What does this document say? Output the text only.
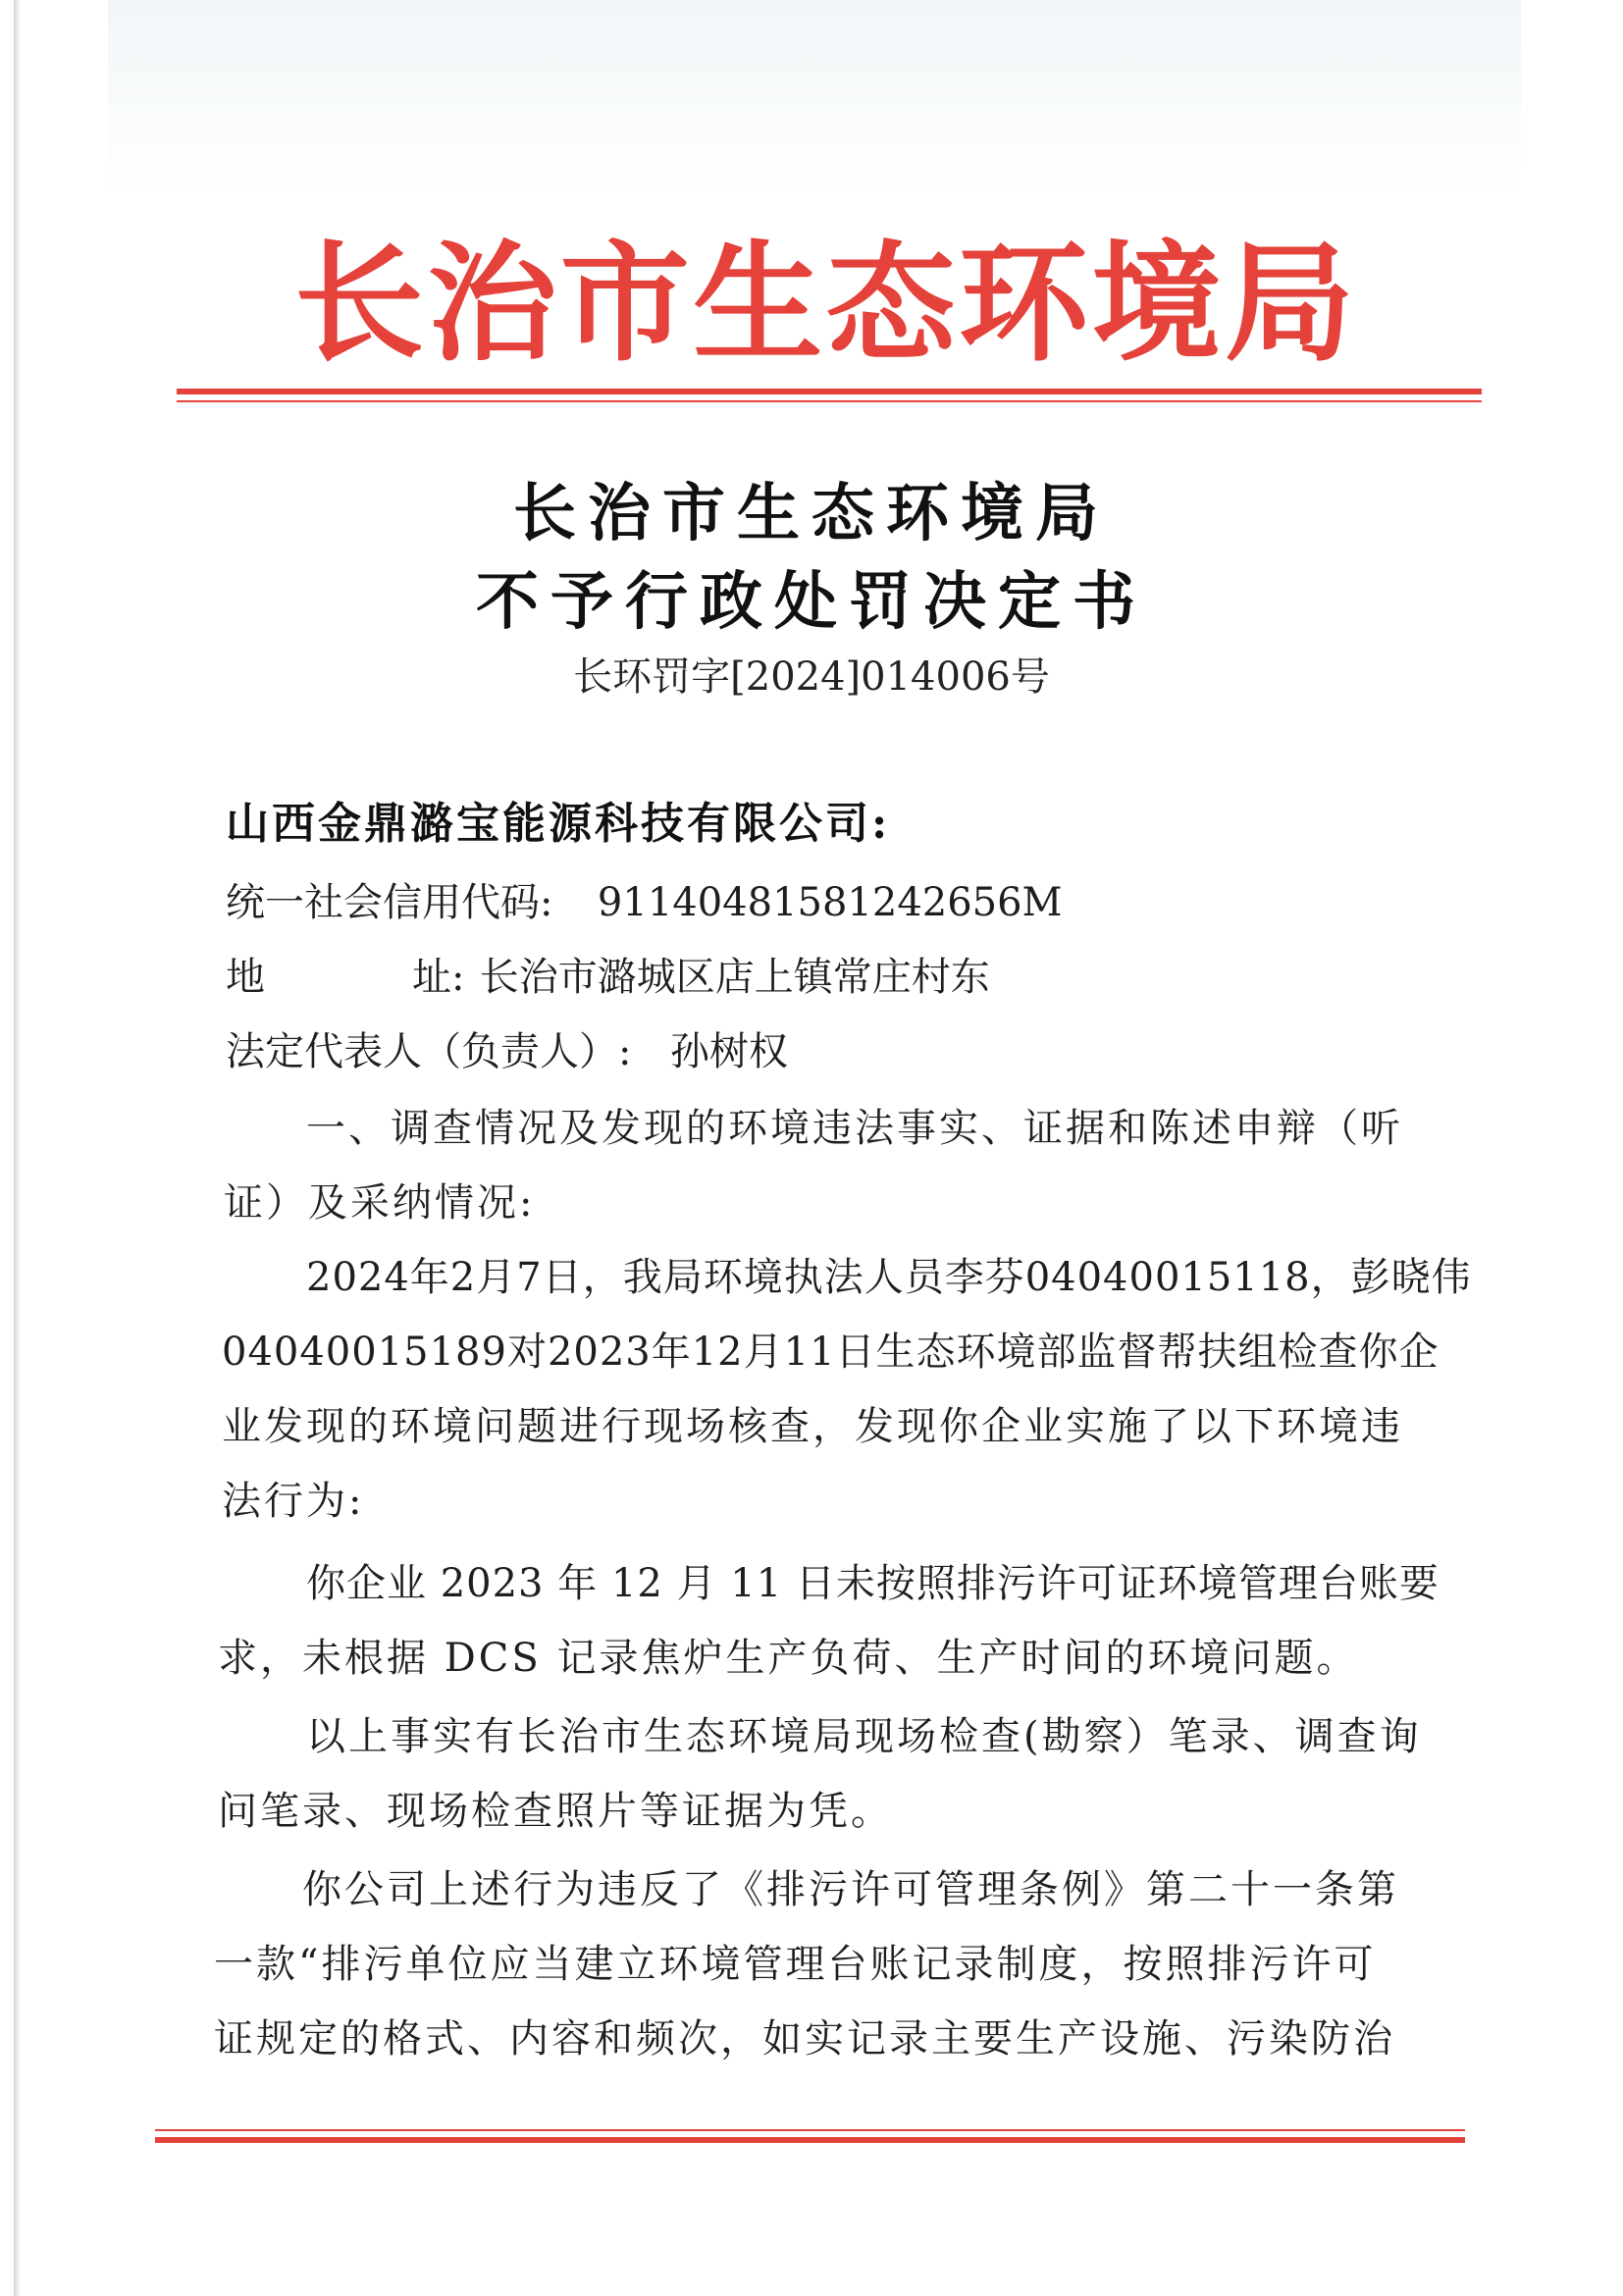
长 治 市 生 态 环 境 局
长治市生态环境局
不予行政处罚决定书
长环罚字[2024]014006号
山西金鼎潞宝能源科技有限公司:
统一社会信用代码: 91140481581242656M
地	址: 长治市潞城区店上镇常庄村东
法定代表人（负责人）: 孙树权
一、调查情况及发现的环境违法事实、证据和陈述申辩（听
证）及采纳情况:
2024年2月7日，我局环境执法人员李芬04040015118，彭晓伟
04040015189对2023年12月11日生态环境部监督帮扶组检查你企
业发现的环境问题进行现场核查，发现你企业实施了以下环境违
法行为:
你企业 2023 年 12 月 11 日未按照排污许可证环境管理台账要
求，未根据 DCS 记录焦炉生产负荷、生产时间的环境问题。
以上事实有长治市生态环境局现场检查(勘察）笔录、调查询
问笔录、现场检查照片等证据为凭。
你公司上述行为违反了《排污许可管理条例》第二十一条第
一款“排污单位应当建立环境管理台账记录制度，按照排污许可
证规定的格式、内容和频次，如实记录主要生产设施、污染防治
